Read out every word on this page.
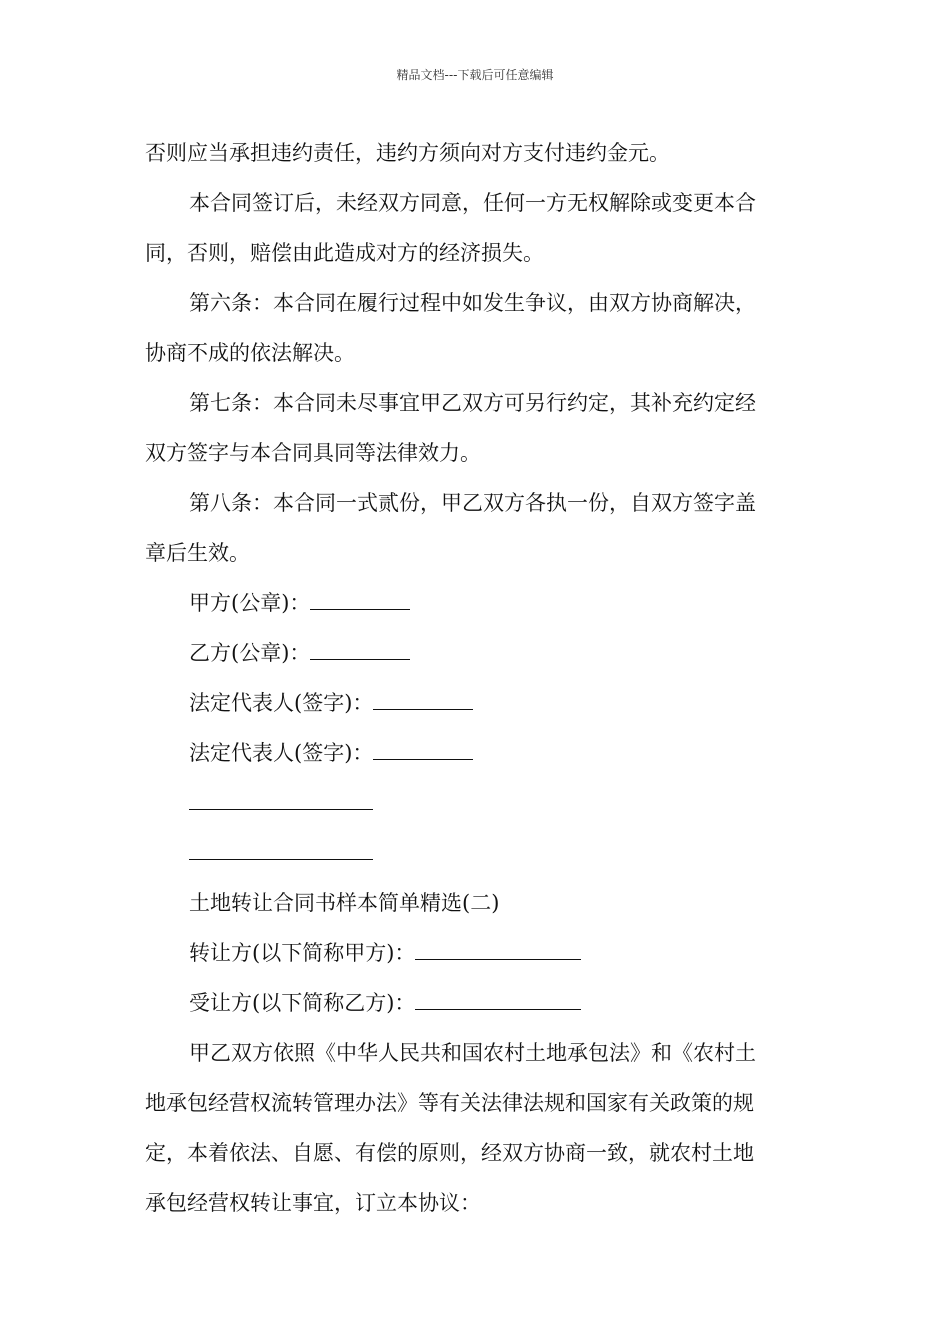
精品文档---下载后可任意编辑
否则应当承担违约责任，违约方须向对方支付违约金元。
本合同签订后，未经双方同意，任何一方无权解除或变更本合
同，否则，赔偿由此造成对方的经济损失。
第六条：本合同在履行过程中如发生争议，由双方协商解决，
协商不成的依法解决。
第七条：本合同未尽事宜甲乙双方可另行约定，其补充约定经
双方签字与本合同具同等法律效力。
第八条：本合同一式贰份，甲乙双方各执一份，自双方签字盖
章后生效。
甲方(公章)：
乙方(公章)：
法定代表人(签字)：
法定代表人(签字)：
土地转让合同书样本简单精选(二)
转让方(以下简称甲方)：
受让方(以下简称乙方)：
甲乙双方依照《中华人民共和国农村土地承包法》和《农村土
地承包经营权流转管理办法》等有关法律法规和国家有关政策的规
定，本着依法、自愿、有偿的原则，经双方协商一致，就农村土地
承包经营权转让事宜，订立本协议：
